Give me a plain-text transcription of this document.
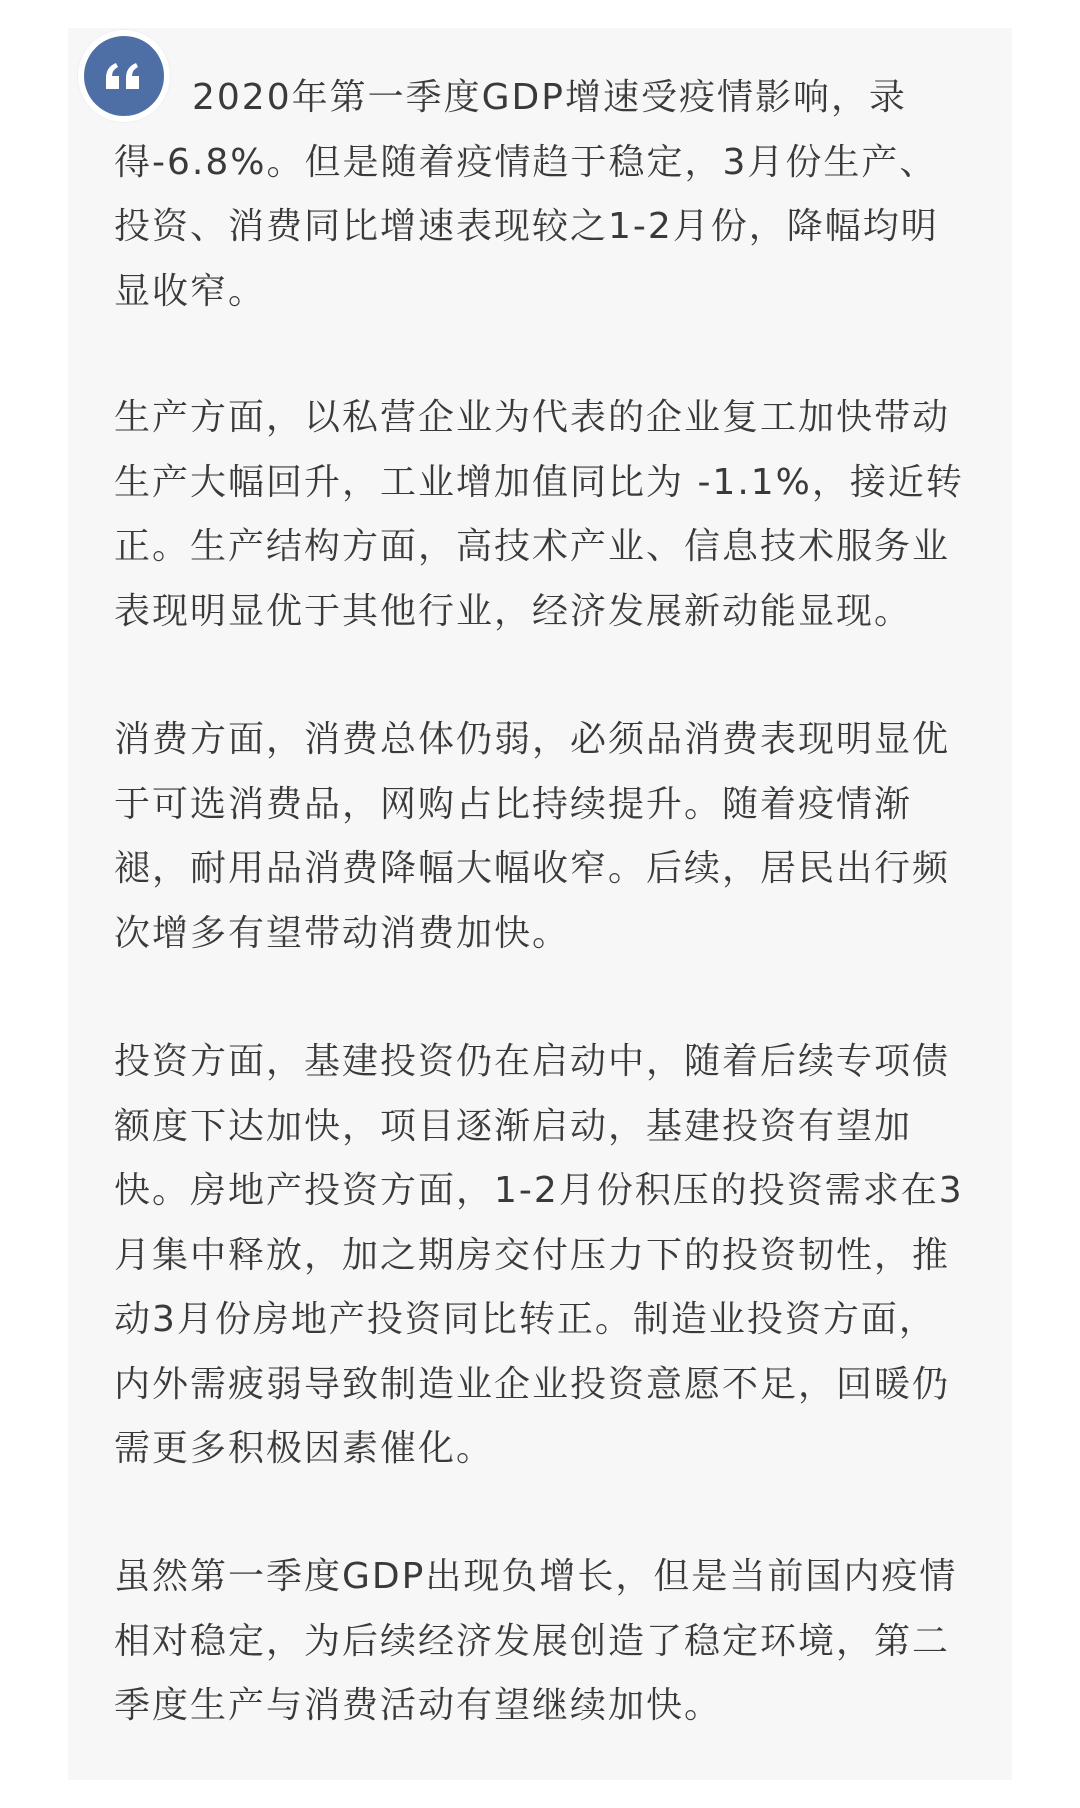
2020年第一季度GDP增速受疫情影响，录得-6.8%。但是随着疫情趋于稳定，3月份生产、投资、消费同比增速表现较之1-2月份，降幅均明显收窄。

生产方面，以私营企业为代表的企业复工加快带动生产大幅回升，工业增加值同比为 -1.1%，接近转正。生产结构方面，高技术产业、信息技术服务业表现明显优于其他行业，经济发展新动能显现。

消费方面，消费总体仍弱，必须品消费表现明显优于可选消费品，网购占比持续提升。随着疫情渐褪，耐用品消费降幅大幅收窄。后续，居民出行频次增多有望带动消费加快。

投资方面，基建投资仍在启动中，随着后续专项债额度下达加快，项目逐渐启动，基建投资有望加快。房地产投资方面，1-2月份积压的投资需求在3月集中释放，加之期房交付压力下的投资韧性，推动3月份房地产投资同比转正。制造业投资方面，内外需疲弱导致制造业企业投资意愿不足，回暖仍需更多积极因素催化。

虽然第一季度GDP出现负增长，但是当前国内疫情相对稳定，为后续经济发展创造了稳定环境，第二季度生产与消费活动有望继续加快。
